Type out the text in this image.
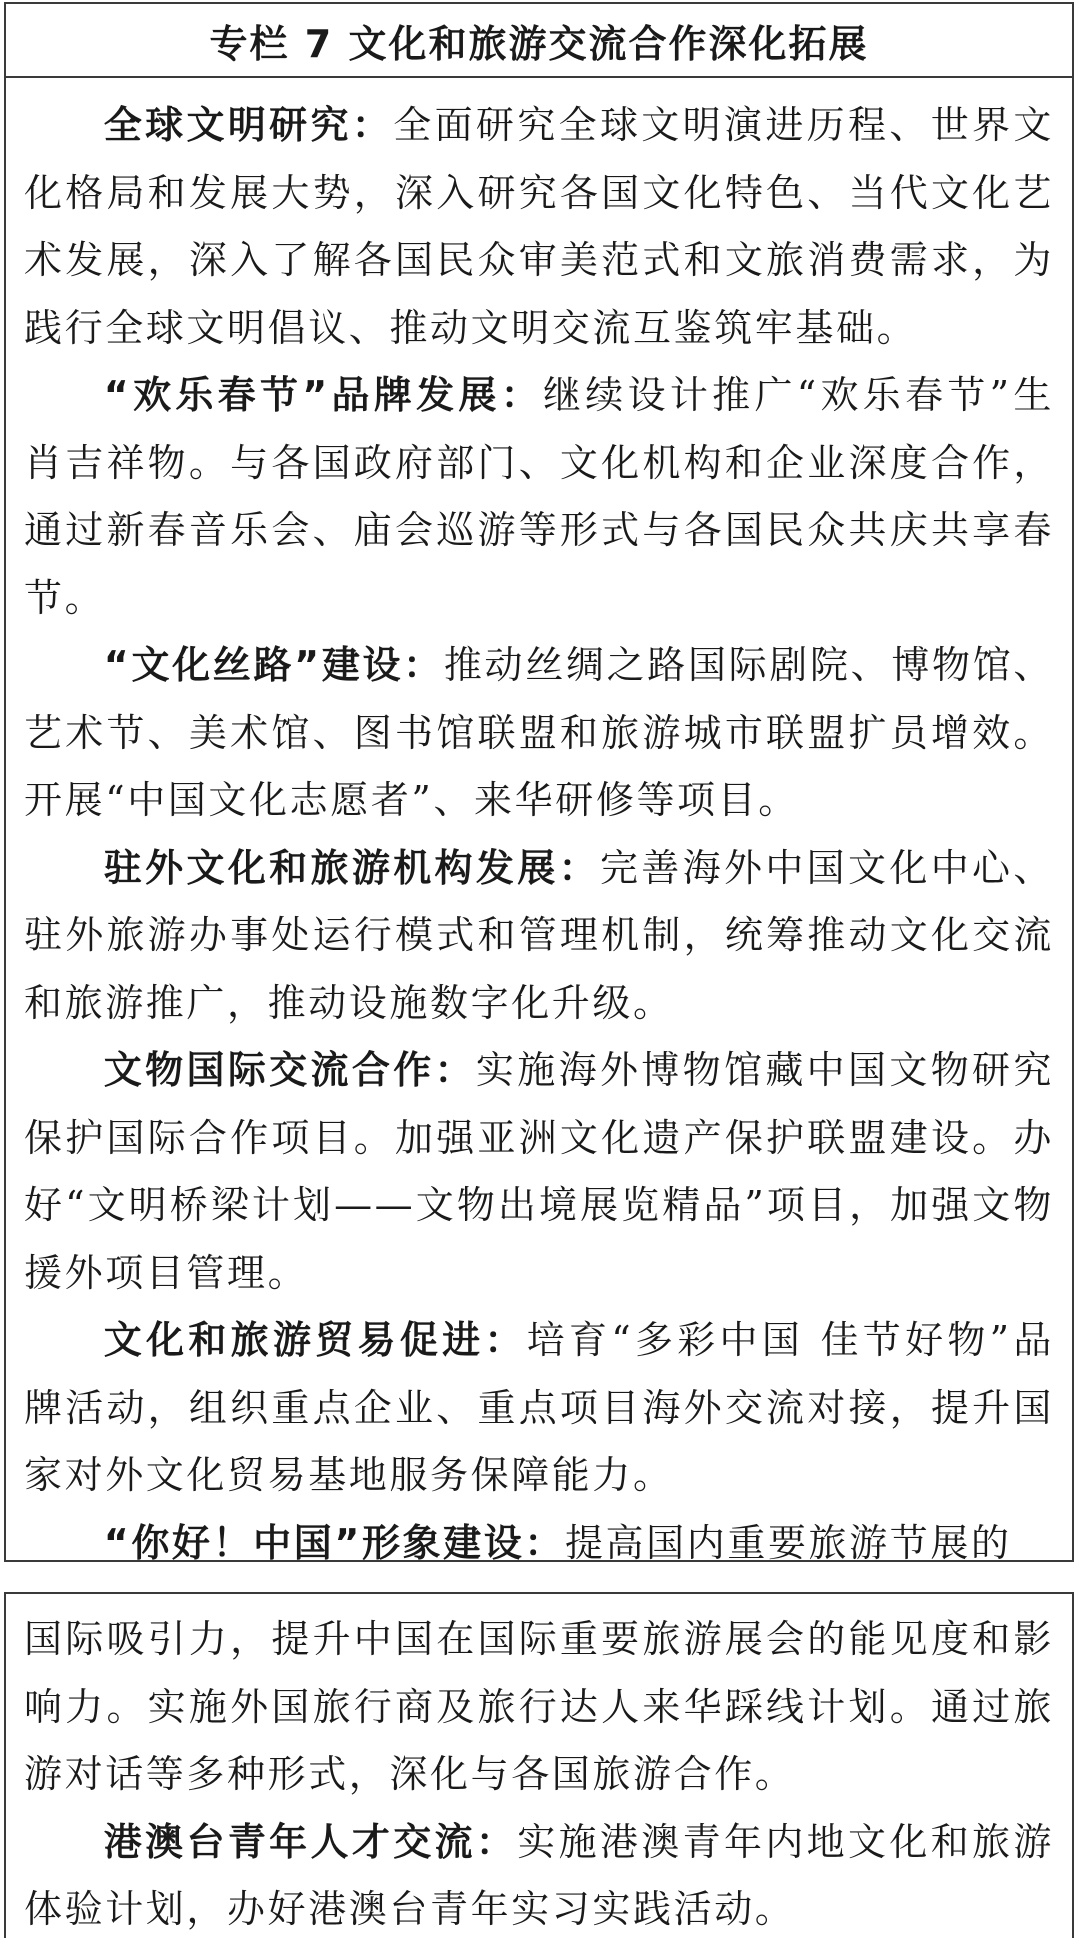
专栏 7 文化和旅游交流合作深化拓展

全球文明研究：全面研究全球文明演进历程、世界文化格局和发展大势，深入研究各国文化特色、当代文化艺术发展，深入了解各国民众审美范式和文旅消费需求，为践行全球文明倡议、推动文明交流互鉴筑牢基础。

“欢乐春节”品牌发展：继续设计推广“欢乐春节”生肖吉祥物。与各国政府部门、文化机构和企业深度合作，通过新春音乐会、庙会巡游等形式与各国民众共庆共享春节。

“文化丝路”建设：推动丝绸之路国际剧院、博物馆、艺术节、美术馆、图书馆联盟和旅游城市联盟扩员增效。开展“中国文化志愿者”、来华研修等项目。

驻外文化和旅游机构发展：完善海外中国文化中心、驻外旅游办事处运行模式和管理机制，统筹推动文化交流和旅游推广，推动设施数字化升级。

文物国际交流合作：实施海外博物馆藏中国文物研究保护国际合作项目。加强亚洲文化遗产保护联盟建设。办好“文明桥梁计划——文物出境展览精品”项目，加强文物援外项目管理。

文化和旅游贸易促进：培育“多彩中国 佳节好物”品牌活动，组织重点企业、重点项目海外交流对接，提升国家对外文化贸易基地服务保障能力。

“你好！中国”形象建设：提高国内重要旅游节展的

国际吸引力，提升中国在国际重要旅游展会的能见度和影响力。实施外国旅行商及旅行达人来华踩线计划。通过旅游对话等多种形式，深化与各国旅游合作。

港澳台青年人才交流：实施港澳青年内地文化和旅游体验计划，办好港澳台青年实习实践活动。
